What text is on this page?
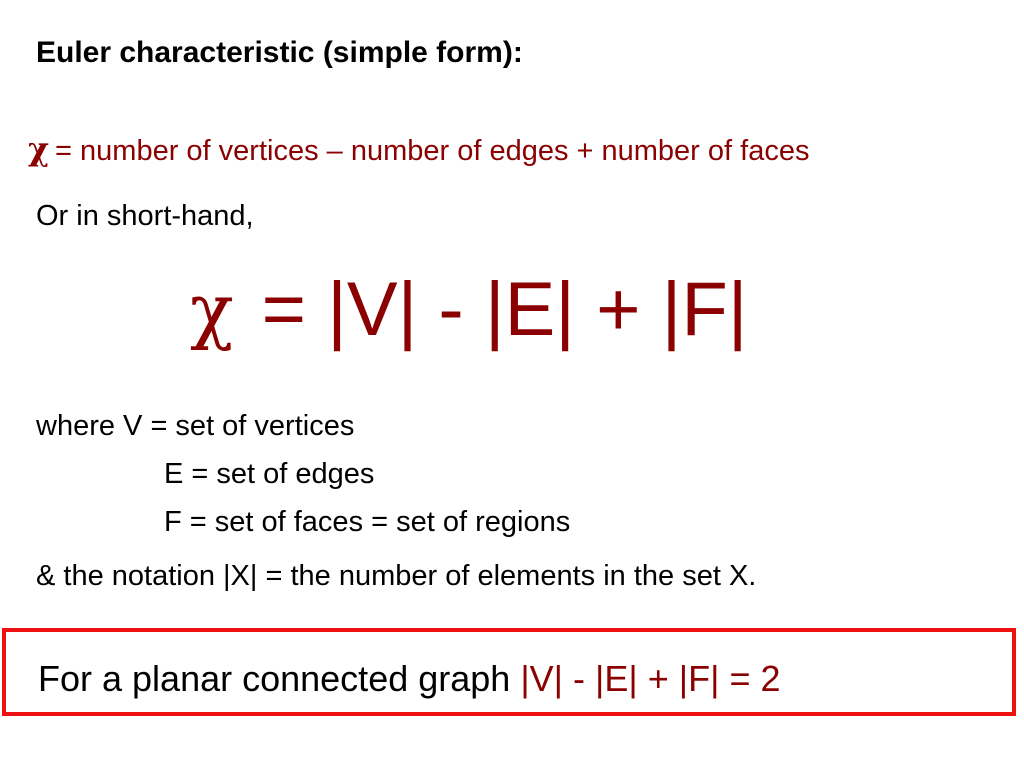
Euler characteristic (simple form):
χ = number of vertices – number of edges + number of faces
Or in short-hand,
χ = |V| - |E| + |F|
where V = set of vertices
E = set of edges
F = set of faces = set of regions
& the notation |X| = the number of elements in the set X.
For a planar connected graph |V| - |E| + |F| = 2
